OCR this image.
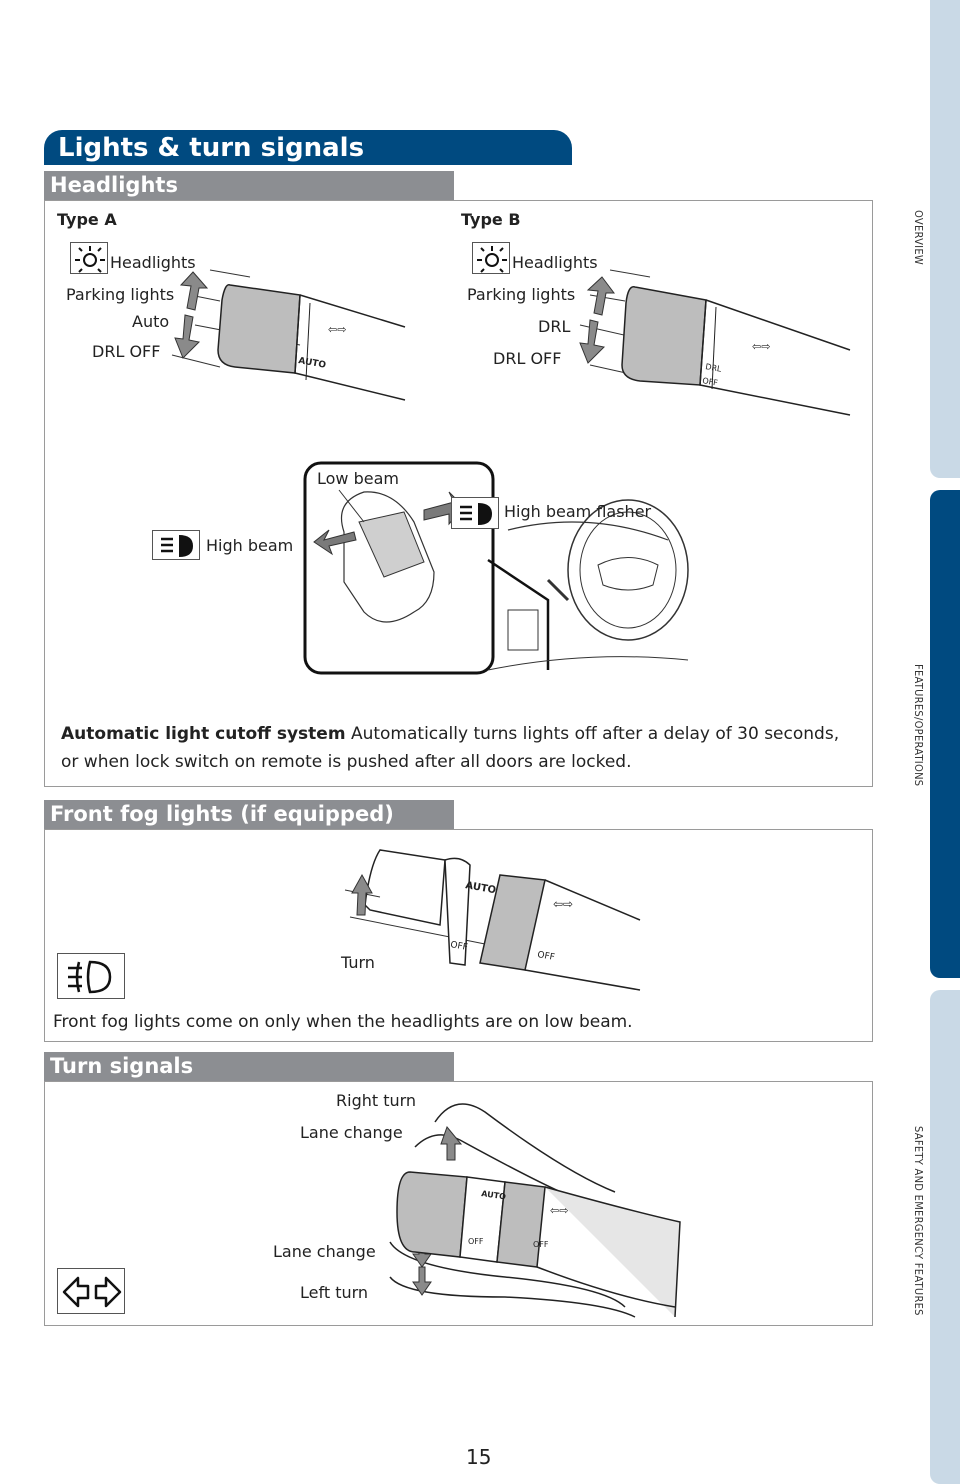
OVERVIEW
FEATURES/OPERATIONS
SAFETY AND EMERGENCY FEATURES
Lights & turn signals
Headlights
Type A	Type B
Headlights
Parking lights
Auto
DRL OFF
⇦⇨
AUTO
Headlights
Parking lights
DRL
DRL OFF
⇦⇨
DRL
OFF
High beam
Low beam
High beam flasher
Automatic light cutoff system Automatically turns lights off after a delay of 30 seconds, or when lock switch on remote is pushed after all doors are locked.
Front fog lights (if equipped)
AUTO
OFF
OFF
⇦⇨
Turn
Front fog lights come on only when the headlights are on low beam.
Turn signals
Right turn
Lane change
Lane change
Left turn
AUTO
OFF	OFF
⇦⇨
15
